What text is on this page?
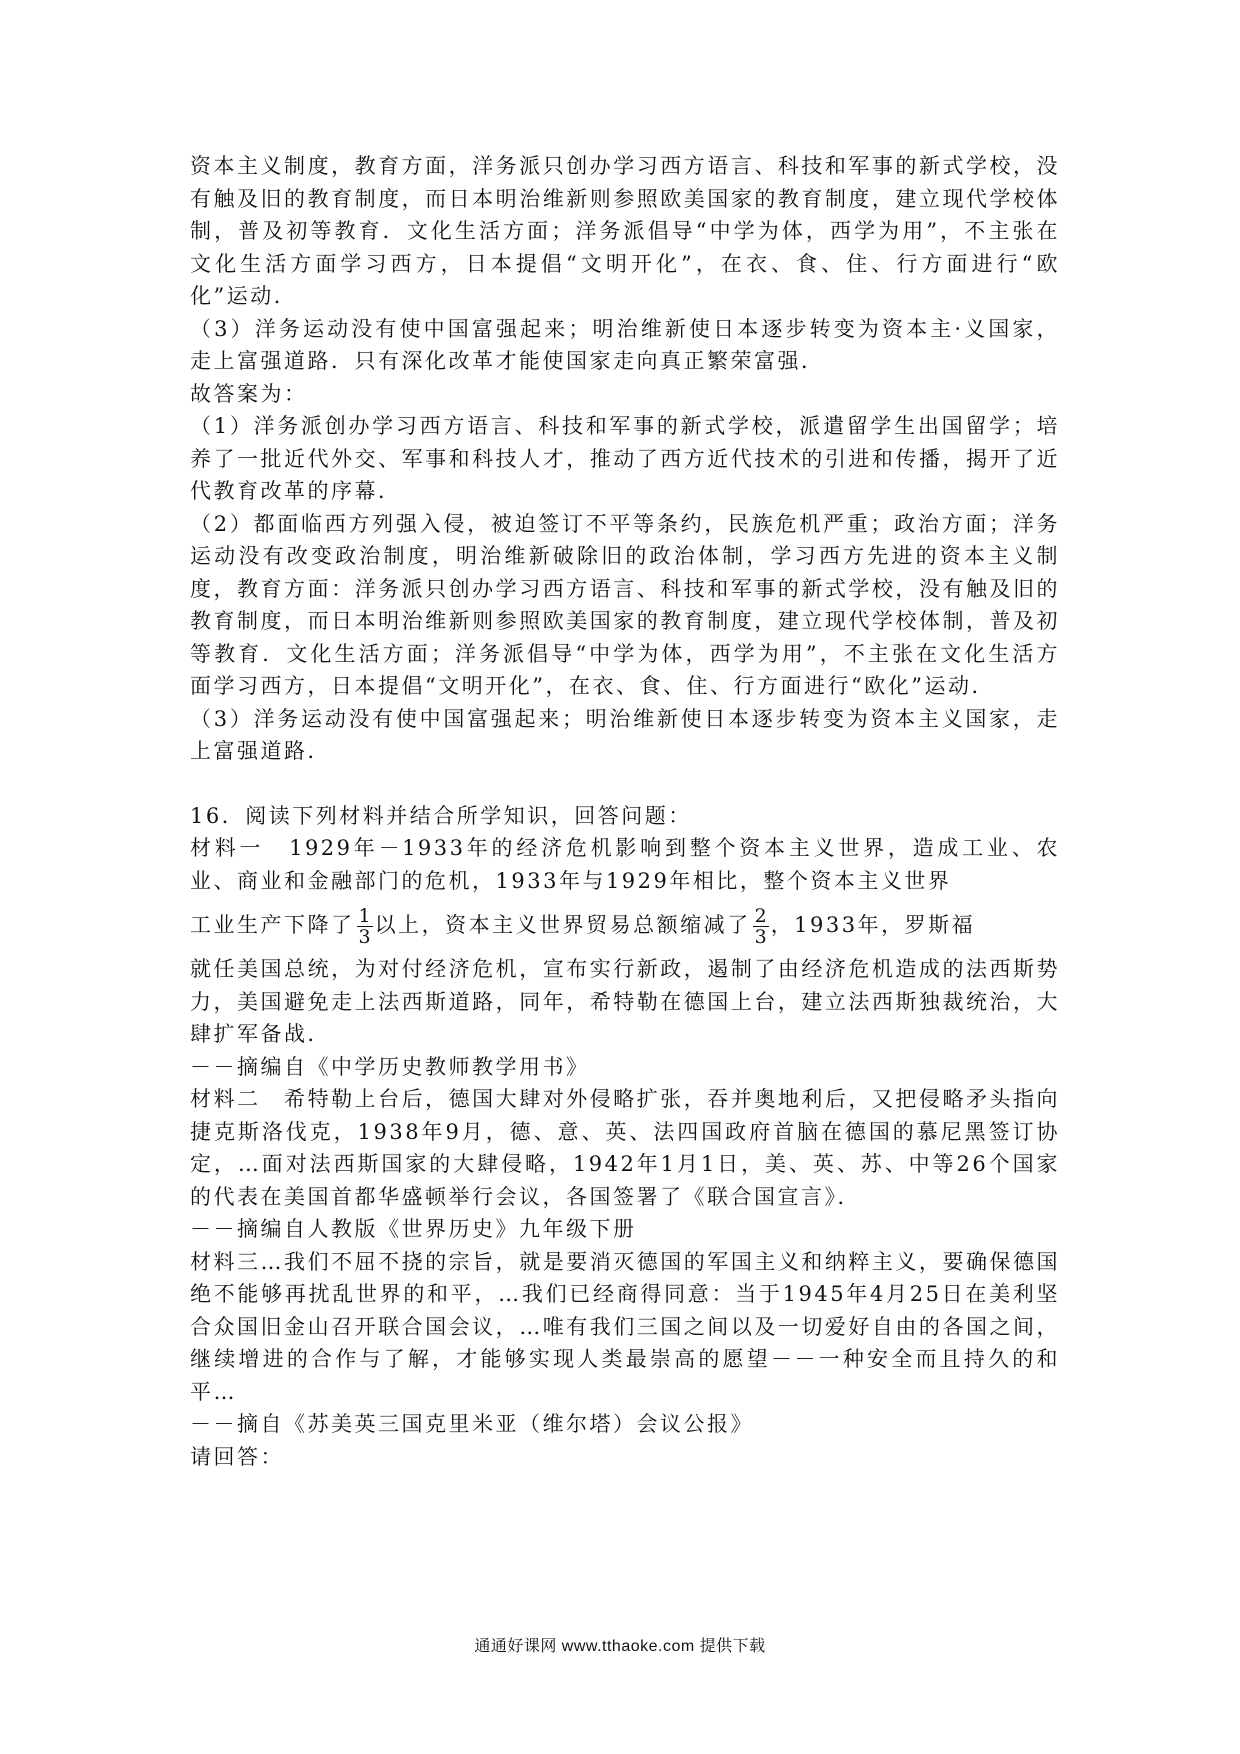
资本主义制度，教育方面，洋务派只创办学习西方语言、科技和军事的新式学校，没有触及旧的教育制度，而日本明治维新则参照欧美国家的教育制度，建立现代学校体制，普及初等教育．文化生活方面；洋务派倡导“中学为体，西学为用”，不主张在文化生活方面学习西方，日本提倡“文明开化”，在衣、食、住、行方面进行“欧化”运动．

（3）洋务运动没有使中国富强起来；明治维新使日本逐步转变为资本主·义国家，走上富强道路．只有深化改革才能使国家走向真正繁荣富强．

故答案为：

（1）洋务派创办学习西方语言、科技和军事的新式学校，派遣留学生出国留学；培养了一批近代外交、军事和科技人才，推动了西方近代技术的引进和传播，揭开了近代教育改革的序幕．

（2）都面临西方列强入侵，被迫签订不平等条约，民族危机严重；政治方面；洋务运动没有改变政治制度，明治维新破除旧的政治体制，学习西方先进的资本主义制度，教育方面：洋务派只创办学习西方语言、科技和军事的新式学校，没有触及旧的教育制度，而日本明治维新则参照欧美国家的教育制度，建立现代学校体制，普及初等教育．文化生活方面；洋务派倡导“中学为体，西学为用”，不主张在文化生活方面学习西方，日本提倡“文明开化”，在衣、食、住、行方面进行“欧化”运动．

（3）洋务运动没有使中国富强起来；明治维新使日本逐步转变为资本主义国家，走上富强道路．

16．阅读下列材料并结合所学知识，回答问题：

材料一　1929年－1933年的经济危机影响到整个资本主义世界，造成工业、农业、商业和金融部门的危机，1933年与1929年相比，整个资本主义世界

工业生产下降了 $\frac{1}{3}$ 以上，资本主义世界贸易总额缩减了 $\frac{2}{3}$ ，1933年，罗斯福

就任美国总统，为对付经济危机，宣布实行新政，遏制了由经济危机造成的法西斯势力，美国避免走上法西斯道路，同年，希特勒在德国上台，建立法西斯独裁统治，大肆扩军备战．

－－摘编自《中学历史教师教学用书》

材料二　希特勒上台后，德国大肆对外侵略扩张，吞并奥地利后，又把侵略矛头指向捷克斯洛伐克，1938年9月，德、意、英、法四国政府首脑在德国的慕尼黑签订协定，…面对法西斯国家的大肆侵略，1942年1月1日，美、英、苏、中等26个国家的代表在美国首都华盛顿举行会议，各国签署了《联合国宣言》．

－－摘编自人教版《世界历史》九年级下册

材料三…我们不屈不挠的宗旨，就是要消灭德国的军国主义和纳粹主义，要确保德国绝不能够再扰乱世界的和平，…我们已经商得同意：当于1945年4月25日在美利坚合众国旧金山召开联合国会议，…唯有我们三国之间以及一切爱好自由的各国之间，继续增进的合作与了解，才能够实现人类最崇高的愿望－－一种安全而且持久的和平…

－－摘自《苏美英三国克里米亚（维尔塔）会议公报》

请回答：

通通好课网 www.tthaoke.com 提供下载
